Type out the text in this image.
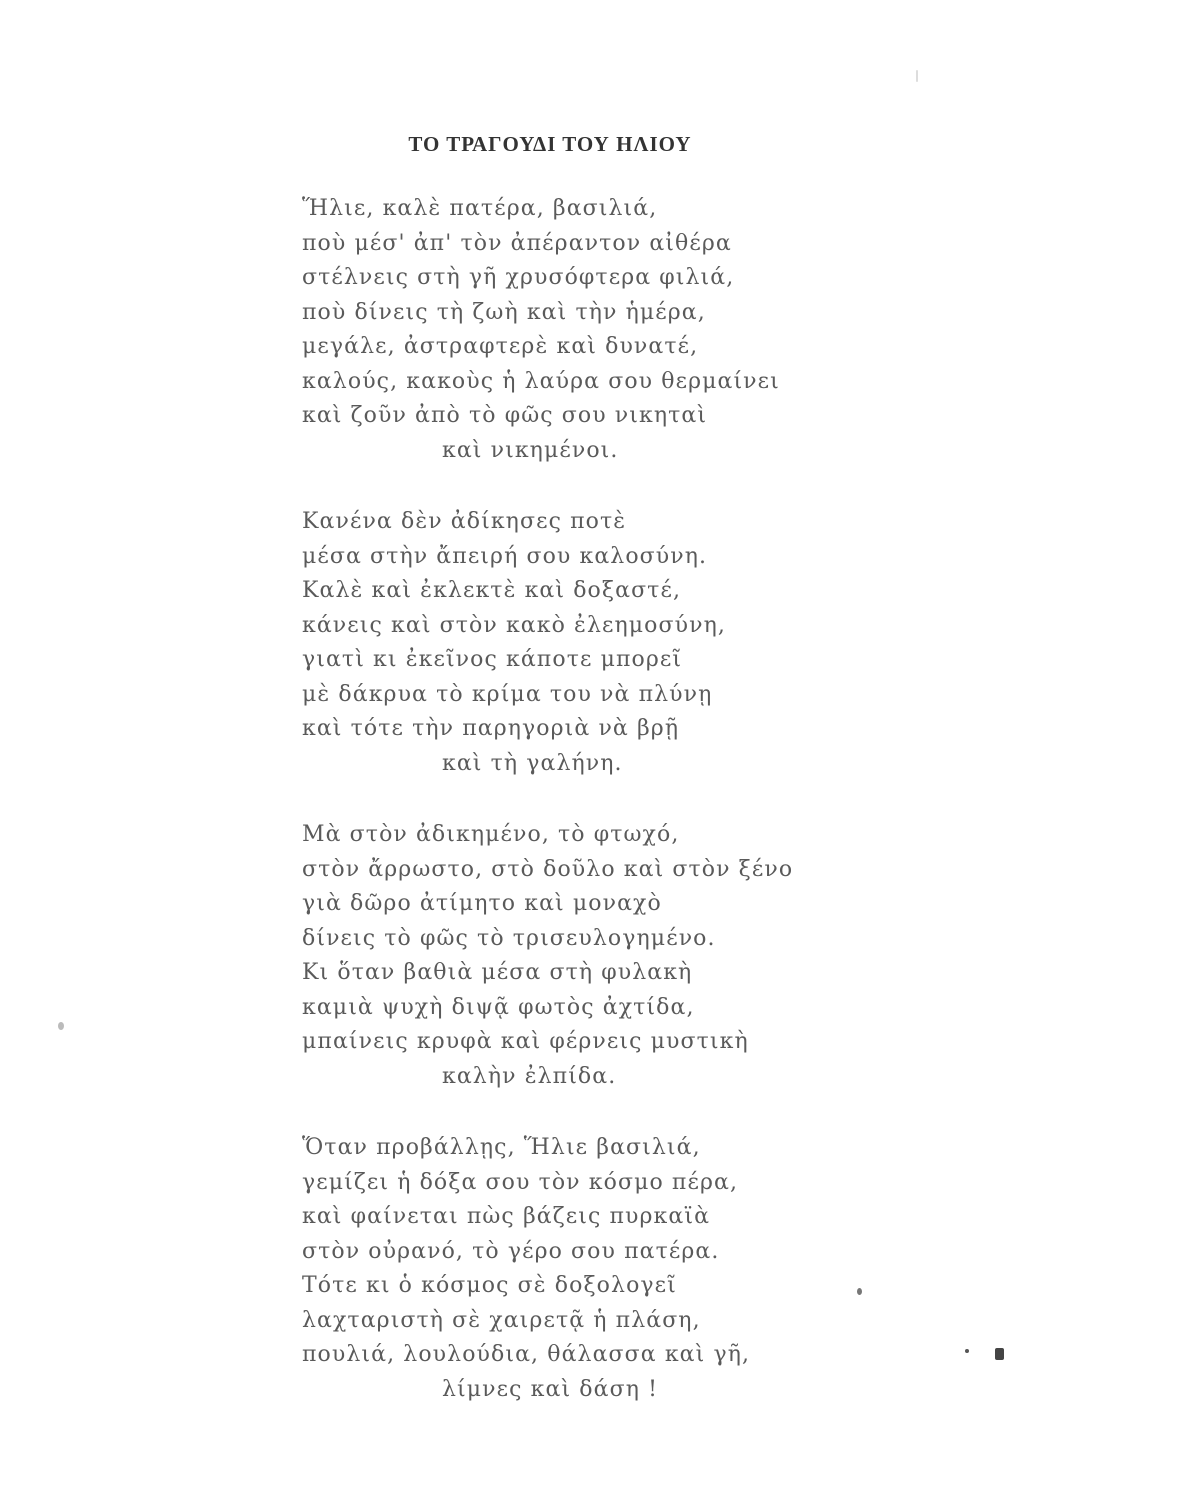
ΤΟ ΤΡΑΓΟΥΔΙ ΤΟΥ ΗΛΙΟΥ
Ἥλιε, καλὲ πατέρα, βασιλιά,
ποὺ μέσ' ἀπ' τὸν ἀπέραντον αἰθέρα
στέλνεις στὴ γῆ χρυσόφτερα φιλιά,
ποὺ δίνεις τὴ ζωὴ καὶ τὴν ἡμέρα,
μεγάλε, ἀστραφτερὲ καὶ δυνατέ,
καλούς, κακοὺς ἡ λαύρα σου θερμαίνει
καὶ ζοῦν ἀπὸ τὸ φῶς σου νικηταὶ
καὶ νικημένοι.
Κανένα δὲν ἀδίκησες ποτὲ
μέσα στὴν ἄπειρή σου καλοσύνη.
Καλὲ καὶ ἐκλεκτὲ καὶ δοξαστέ,
κάνεις καὶ στὸν κακὸ ἐλεημοσύνη,
γιατὶ κι ἐκεῖνος κάποτε μπορεῖ
μὲ δάκρυα τὸ κρίμα του νὰ πλύνῃ
καὶ τότε τὴν παρηγοριὰ νὰ βρῇ
καὶ τὴ γαλήνη.
Μὰ στὸν ἀδικημένο, τὸ φτωχό,
στὸν ἄρρωστο, στὸ δοῦλο καὶ στὸν ξένο
γιὰ δῶρο ἀτίμητο καὶ μοναχὸ
δίνεις τὸ φῶς τὸ τρισευλογημένο.
Κι ὅταν βαθιὰ μέσα στὴ φυλακὴ
καμιὰ ψυχὴ διψᾷ φωτὸς ἀχτίδα,
μπαίνεις κρυφὰ καὶ φέρνεις μυστικὴ
καλὴν ἐλπίδα.
Ὅταν προβάλλῃς, Ἥλιε βασιλιά,
γεμίζει ἡ δόξα σου τὸν κόσμο πέρα,
καὶ φαίνεται πὼς βάζεις πυρκαϊὰ
στὸν οὐρανό, τὸ γέρο σου πατέρα.
Τότε κι ὁ κόσμος σὲ δοξολογεῖ
λαχταριστὴ σὲ χαιρετᾷ ἡ πλάση,
πουλιά, λουλούδια, θάλασσα καὶ γῆ,
λίμνες καὶ δάση !
